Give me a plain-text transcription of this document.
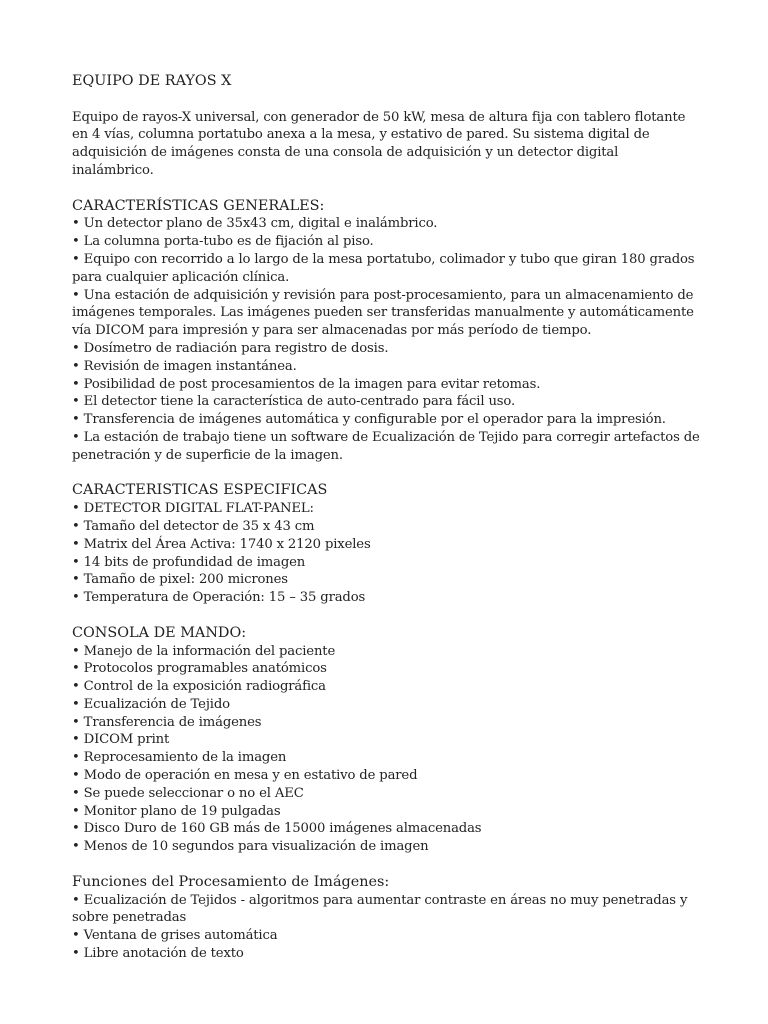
EQUIPO DE RAYOS X

Equipo de rayos-X universal, con generador de 50 kW, mesa de altura fija con tablero flotante en 4 vías, columna portatubo anexa a la mesa, y estativo de pared. Su sistema digital de adquisición de imágenes consta de una consola de adquisición y un detector digital inalámbrico.

CARACTERÍSTICAS GENERALES:

• Un detector plano de 35x43 cm, digital e inalámbrico.

• La columna porta-tubo es de fijación al piso.

• Equipo con recorrido a lo largo de la mesa portatubo, colimador y tubo que giran 180 grados para cualquier aplicación clínica.

• Una estación de adquisición y revisión para post-procesamiento, para un almacenamiento de imágenes temporales. Las imágenes pueden ser transferidas manualmente y automáticamente vía DICOM para impresión y para ser almacenadas por más período de tiempo.

• Dosímetro de radiación para registro de dosis.

• Revisión de imagen instantánea.

• Posibilidad de post procesamientos de la imagen para evitar retomas.

• El detector tiene la característica de auto-centrado para fácil uso.

• Transferencia de imágenes automática y configurable por el operador para la impresión.

• La estación de trabajo tiene un software de Ecualización de Tejido para corregir artefactos de penetración y de superficie de la imagen.

CARACTERISTICAS ESPECIFICAS

• DETECTOR DIGITAL FLAT-PANEL:

• Tamaño del detector de 35 x 43 cm

• Matrix del Área Activa: 1740 x 2120 pixeles

• 14 bits de profundidad de imagen

• Tamaño de pixel: 200 micrones

• Temperatura de Operación: 15 – 35 grados

CONSOLA DE MANDO:

• Manejo de la información del paciente

• Protocolos programables anatómicos

• Control de la exposición radiográfica

• Ecualización de Tejido

• Transferencia de imágenes

• DICOM print

• Reprocesamiento de la imagen

• Modo de operación en mesa y en estativo de pared

• Se puede seleccionar o no el AEC

• Monitor plano de 19 pulgadas

• Disco Duro de 160 GB más de 15000 imágenes almacenadas

• Menos de 10 segundos para visualización de imagen

Funciones del Procesamiento de Imágenes:

• Ecualización de Tejidos - algoritmos para aumentar contraste en áreas no muy penetradas y sobre penetradas

• Ventana de grises automática

• Libre anotación de texto
